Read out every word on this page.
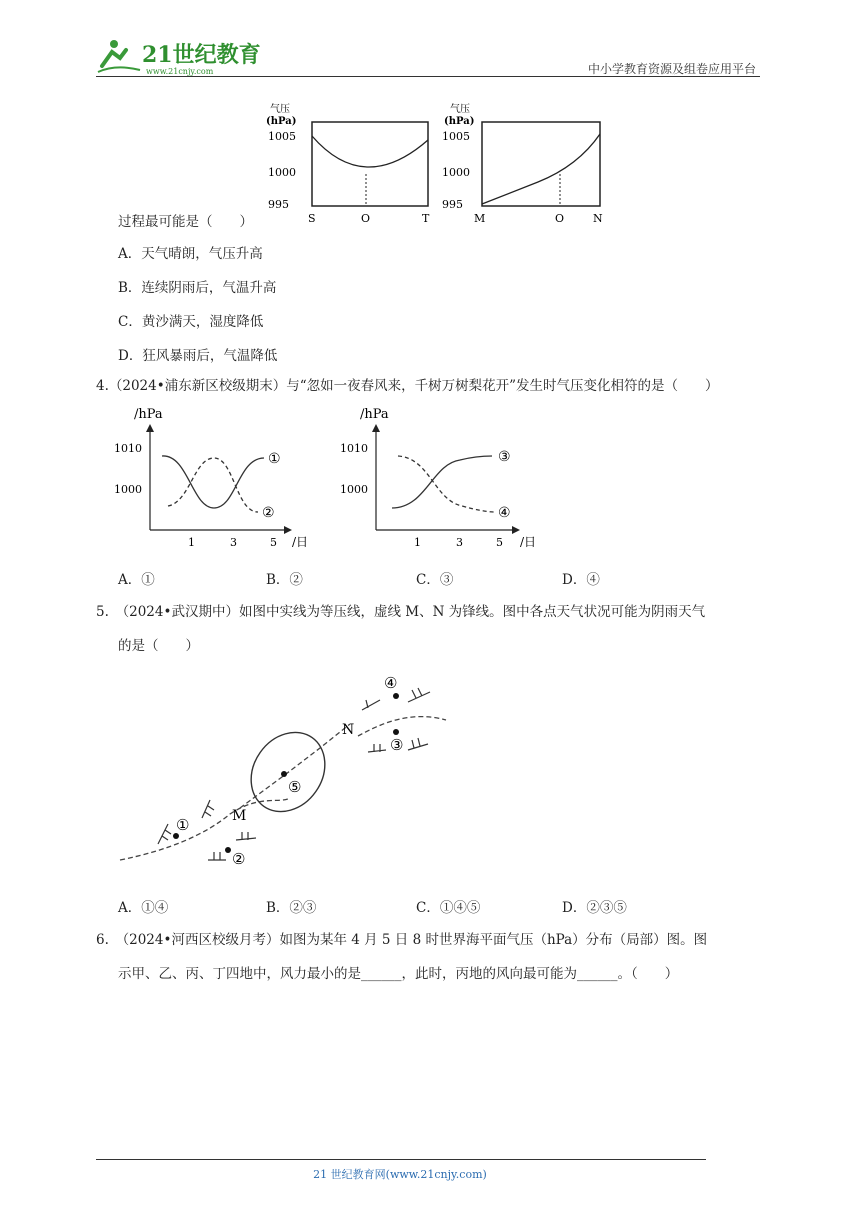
21世纪教育
www.21cnjy.com	中小学教育资源及组卷应用平台
气压
(hPa)
1005
1000
995
S	O	T
气压
(hPa)
1005
1000
995
M	O	N
过程最可能是（　　）
A．天气晴朗，气压升高
B．连续阴雨后，气温升高
C．黄沙满天，湿度降低
D．狂风暴雨后，气温降低
4.（2024•浦东新区校级期末）与“忽如一夜春风来，千树万树梨花开”发生时气压变化相符的是（　　）
/hPa
1010
1000
①
②
1	3	5 /日
/hPa
1010
1000
③
④
1	3	5 /日
A．①	B．②	C．③	D．④
5.　（2024•武汉期中）如图中实线为等压线，虚线 M、N 为锋线。图中各点天气状况可能为阴雨天气
的是（　　）
M
N
①
②
③
④
⑤
A．①④	B．②③	C．①④⑤	D．②③⑤
6.　（2024•河西区校级月考）如图为某年 4 月 5 日 8 时世界海平面气压（hPa）分布（局部）图。图
示甲、乙、丙、丁四地中，风力最小的是______，此时，丙地的风向最可能为______。（　　）
21 世纪教育网(www.21cnjy.com)
